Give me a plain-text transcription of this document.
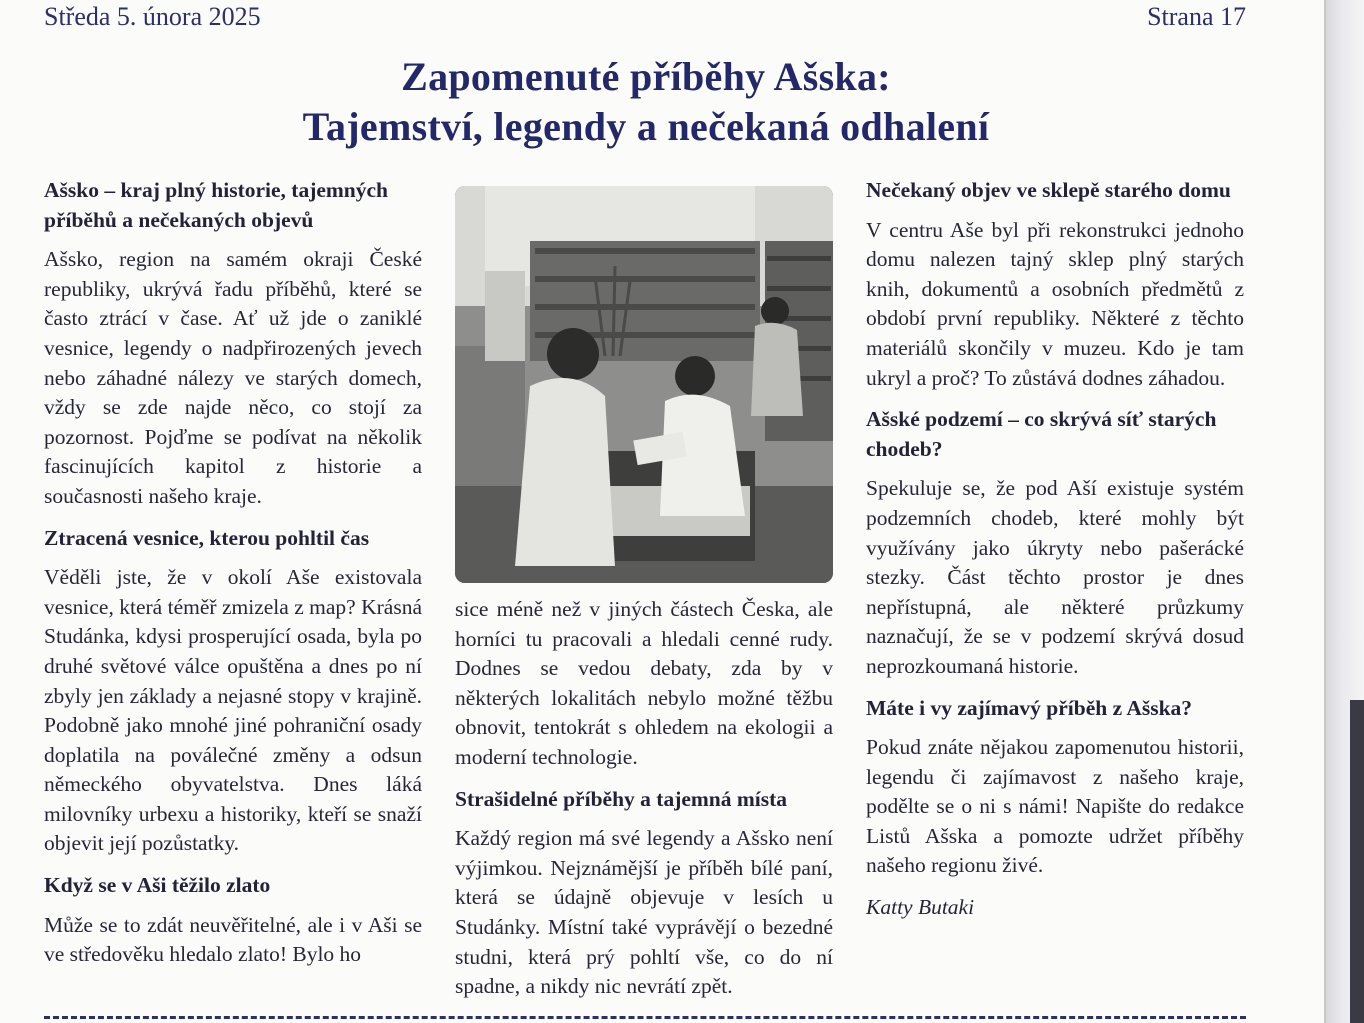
Středa 5. února 2025	Strana 17
Zapomenuté příběhy Ašska:
Tajemství, legendy a nečekaná odhalení
Ašsko – kraj plný historie, tajemných příběhů a nečekaných objevů

Ašsko, region na samém okraji České republiky, ukrývá řadu příběhů, které se často ztrácí v čase. Ať už jde o zaniklé vesnice, legendy o nadpřirozených jevech nebo záhadné nálezy ve starých domech, vždy se zde najde něco, co stojí za pozornost. Pojďme se podívat na několik fascinujících kapitol z historie a současnosti našeho kraje.

Ztracená vesnice, kterou pohltil čas

Věděli jste, že v okolí Aše existovala vesnice, která téměř zmizela z map? Krásná Studánka, kdysi prosperující osada, byla po druhé světové válce opuštěna a dnes po ní zbyly jen základy a nejasné stopy v krajině. Podobně jako mnohé jiné pohraniční osady doplatila na poválečné změny a odsun německého obyvatelstva. Dnes láká milovníky urbexu a historiky, kteří se snaží objevit její pozůstatky.

Když se v Aši těžilo zlato

Může se to zdát neuvěřitelné, ale i v Aši se ve středověku hledalo zlato! Bylo ho

sice méně než v jiných částech Česka, ale horníci tu pracovali a hledali cenné rudy. Dodnes se vedou debaty, zda by v některých lokalitách nebylo možné těžbu obnovit, tentokrát s ohledem na ekologii a moderní technologie.

Strašidelné příběhy a tajemná místa

Každý region má své legendy a Ašsko není výjimkou. Nejznámější je příběh bílé paní, která se údajně objevuje v lesích u Studánky. Místní také vyprávějí o bezedné studni, která prý pohltí vše, co do ní spadne, a nikdy nic nevrátí zpět.

Nečekaný objev ve sklepě starého domu

V centru Aše byl při rekonstrukci jednoho domu nalezen tajný sklep plný starých knih, dokumentů a osobních předmětů z období první republiky. Některé z těchto materiálů skončily v muzeu. Kdo je tam ukryl a proč? To zůstává dodnes záhadou.

Ašské podzemí – co skrývá síť starých chodeb?

Spekuluje se, že pod Aší existuje systém podzemních chodeb, které mohly být využívány jako úkryty nebo pašerácké stezky. Část těchto prostor je dnes nepřístupná, ale některé průzkumy naznačují, že se v podzemí skrývá dosud neprozkoumaná historie.

Máte i vy zajímavý příběh z Ašska?

Pokud znáte nějakou zapomenutou historii, legendu či zajímavost z našeho kraje, podělte se o ni s námi! Napište do redakce Listů Ašska a pomozte udržet příběhy našeho regionu živé.

Katty Butaki
